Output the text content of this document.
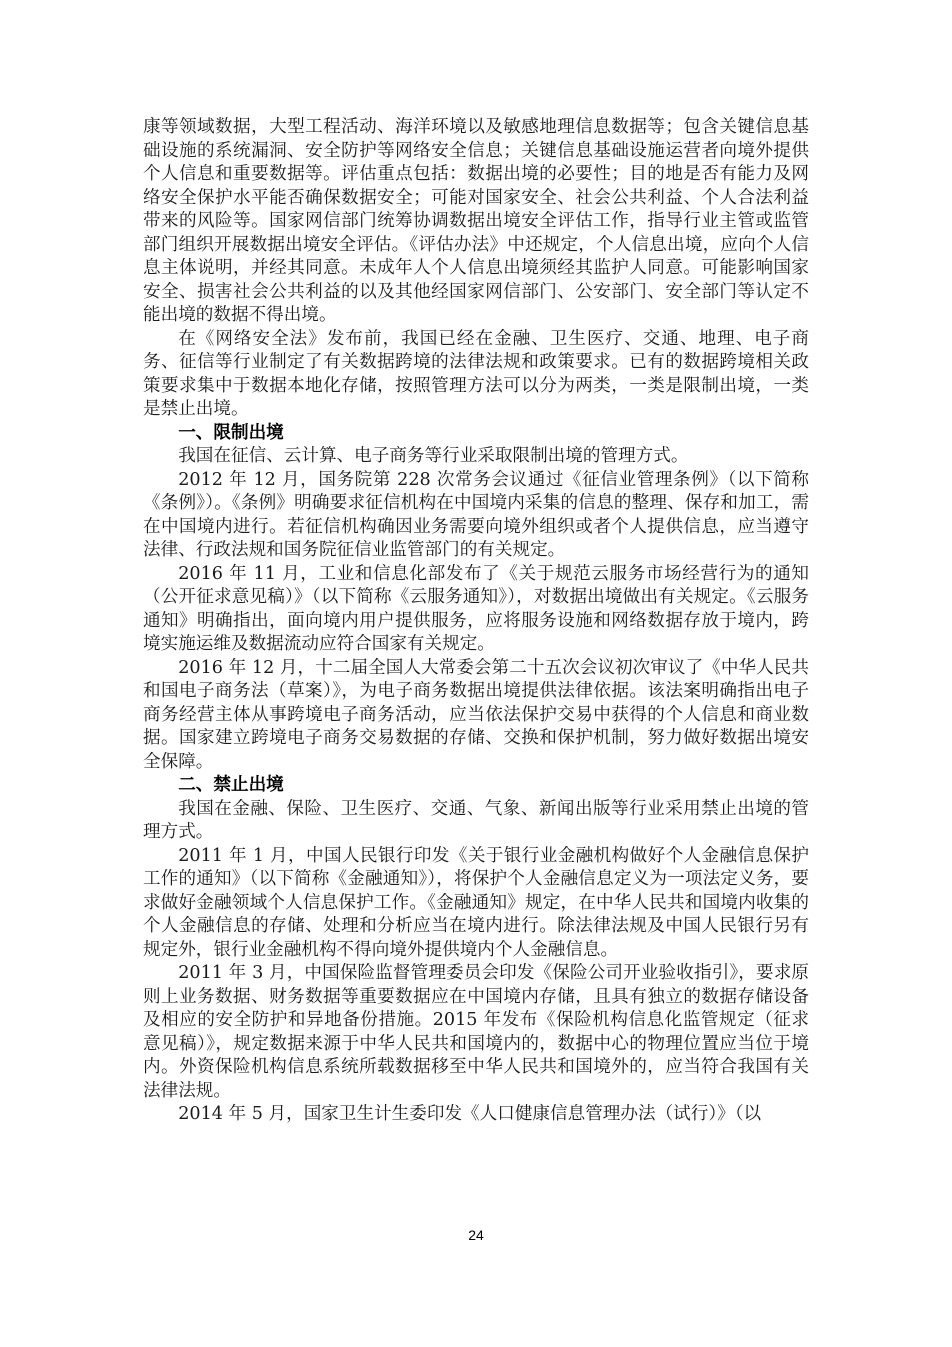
康等领域数据，大型工程活动、海洋环境以及敏感地理信息数据等；包含关键信息基础设施的系统漏洞、安全防护等网络安全信息；关键信息基础设施运营者向境外提供个人信息和重要数据等。评估重点包括：数据出境的必要性；目的地是否有能力及网络安全保护水平能否确保数据安全；可能对国家安全、社会公共利益、个人合法利益带来的风险等。国家网信部门统筹协调数据出境安全评估工作，指导行业主管或监管部门组织开展数据出境安全评估。《评估办法》中还规定，个人信息出境，应向个人信息主体说明，并经其同意。未成年人个人信息出境须经其监护人同意。可能影响国家安全、损害社会公共利益的以及其他经国家网信部门、公安部门、安全部门等认定不能出境的数据不得出境。

在《网络安全法》发布前，我国已经在金融、卫生医疗、交通、地理、电子商务、征信等行业制定了有关数据跨境的法律法规和政策要求。已有的数据跨境相关政策要求集中于数据本地化存储，按照管理方法可以分为两类，一类是限制出境，一类是禁止出境。

一、限制出境

我国在征信、云计算、电子商务等行业采取限制出境的管理方式。

2012 年 12 月，国务院第 228 次常务会议通过《征信业管理条例》（以下简称《条例》）。《条例》明确要求征信机构在中国境内采集的信息的整理、保存和加工，需在中国境内进行。若征信机构确因业务需要向境外组织或者个人提供信息，应当遵守法律、行政法规和国务院征信业监管部门的有关规定。

2016 年 11 月，工业和信息化部发布了《关于规范云服务市场经营行为的通知（公开征求意见稿）》（以下简称《云服务通知》），对数据出境做出有关规定。《云服务通知》明确指出，面向境内用户提供服务，应将服务设施和网络数据存放于境内，跨境实施运维及数据流动应符合国家有关规定。

2016 年 12 月，十二届全国人大常委会第二十五次会议初次审议了《中华人民共和国电子商务法（草案）》，为电子商务数据出境提供法律依据。该法案明确指出电子商务经营主体从事跨境电子商务活动，应当依法保护交易中获得的个人信息和商业数据。国家建立跨境电子商务交易数据的存储、交换和保护机制，努力做好数据出境安全保障。

二、禁止出境

我国在金融、保险、卫生医疗、交通、气象、新闻出版等行业采用禁止出境的管理方式。

2011 年 1 月，中国人民银行印发《关于银行业金融机构做好个人金融信息保护工作的通知》（以下简称《金融通知》），将保护个人金融信息定义为一项法定义务，要求做好金融领域个人信息保护工作。《金融通知》规定，在中华人民共和国境内收集的个人金融信息的存储、处理和分析应当在境内进行。除法律法规及中国人民银行另有规定外，银行业金融机构不得向境外提供境内个人金融信息。

2011 年 3 月，中国保险监督管理委员会印发《保险公司开业验收指引》，要求原则上业务数据、财务数据等重要数据应在中国境内存储，且具有独立的数据存储设备及相应的安全防护和异地备份措施。2015 年发布《保险机构信息化监管规定（征求意见稿）》，规定数据来源于中华人民共和国境内的，数据中心的物理位置应当位于境内。外资保险机构信息系统所载数据移至中华人民共和国境外的，应当符合我国有关法律法规。

2014 年 5 月，国家卫生计生委印发《人口健康信息管理办法（试行）》（以

24
